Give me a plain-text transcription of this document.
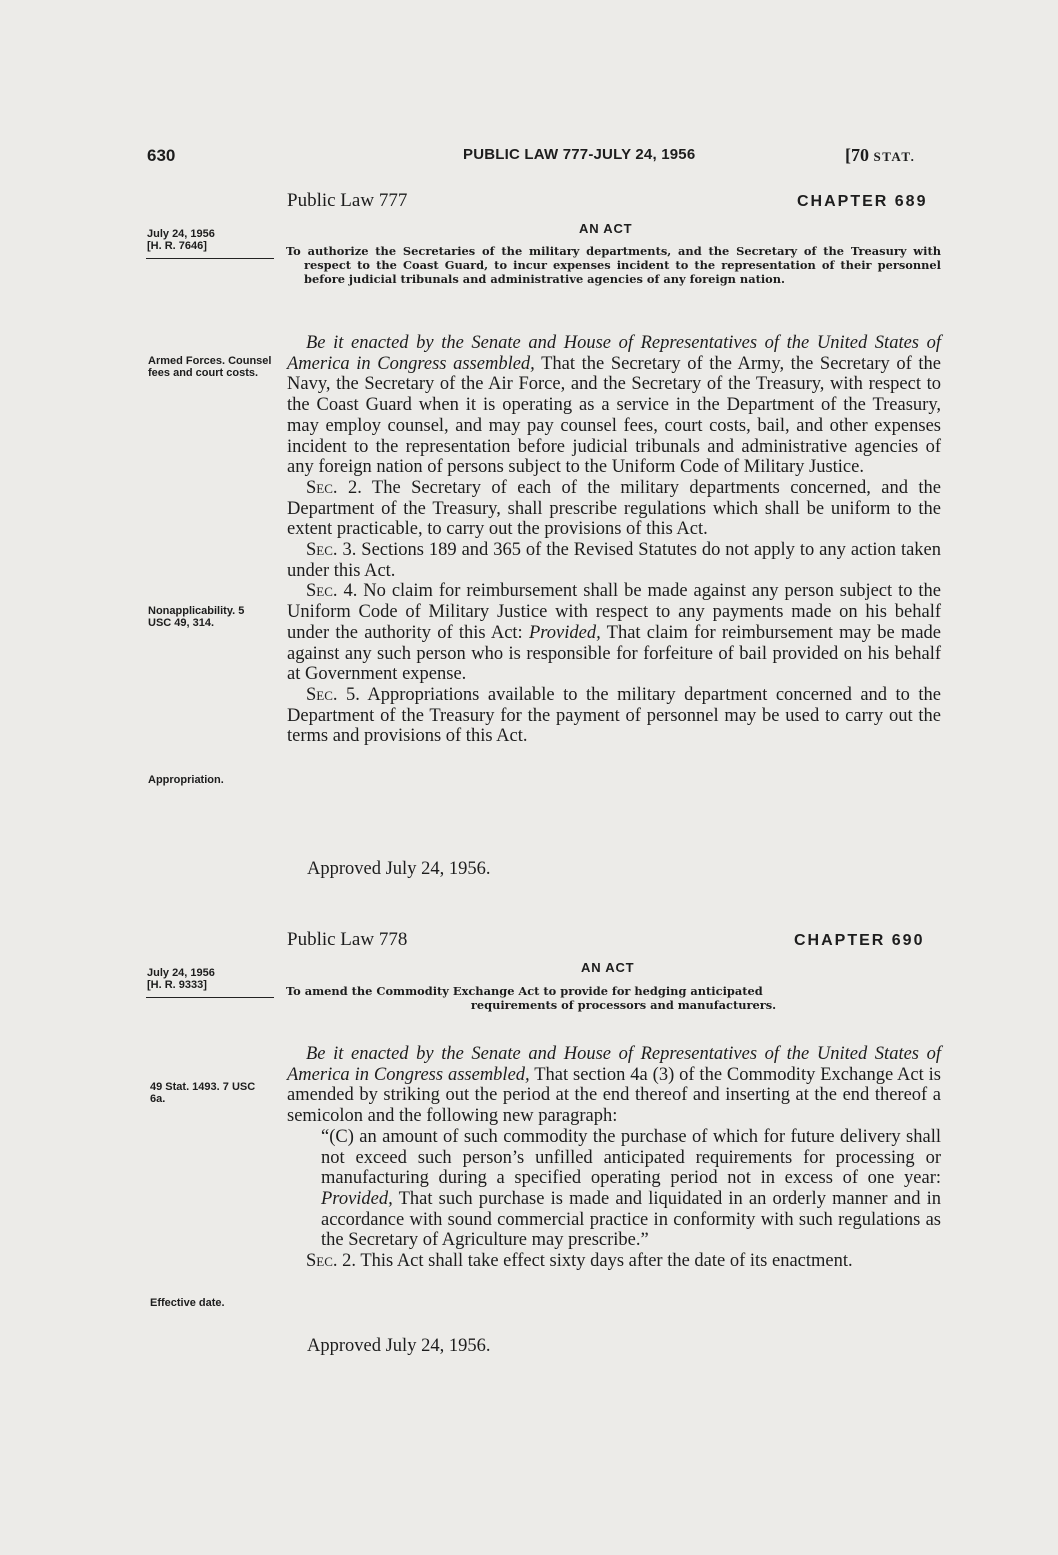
630	PUBLIC LAW 777-JULY 24, 1956	[70 STAT.
Public Law 777	CHAPTER 689
AN ACT
July 24, 1956
[H. R. 7646]	To authorize the Secretaries of the military departments, and the Secretary of the Treasury with respect to the Coast Guard, to incur expenses incident to the representation of their personnel before judicial tribunals and administrative agencies of any foreign nation.
Armed Forces. Counsel fees and court costs.
Nonapplicability. 5 USC 49, 314.
Appropriation.

Be it enacted by the Senate and House of Representatives of the United States of America in Congress assembled, That the Secretary of the Army, the Secretary of the Navy, the Secretary of the Air Force, and the Secretary of the Treasury, with respect to the Coast Guard when it is operating as a service in the Department of the Treasury, may employ counsel, and may pay counsel fees, court costs, bail, and other expenses incident to the representation before judicial tribunals and administrative agencies of any foreign nation of persons subject to the Uniform Code of Military Justice.

Sec. 2. The Secretary of each of the military departments concerned, and the Department of the Treasury, shall prescribe regulations which shall be uniform to the extent practicable, to carry out the provisions of this Act.

Sec. 3. Sections 189 and 365 of the Revised Statutes do not apply to any action taken under this Act.

Sec. 4. No claim for reimbursement shall be made against any person subject to the Uniform Code of Military Justice with respect to any payments made on his behalf under the authority of this Act: Provided, That claim for reimbursement may be made against any such person who is responsible for forfeiture of bail provided on his behalf at Government expense.

Sec. 5. Appropriations available to the military department concerned and to the Department of the Treasury for the payment of personnel may be used to carry out the terms and provisions of this Act.

Approved July 24, 1956.
Public Law 778	CHAPTER 690
AN ACT
July 24, 1956
[H. R. 9333]	To amend the Commodity Exchange Act to provide for hedging anticipated
requirements of processors and manufacturers.
49 Stat. 1493. 7 USC 6a.
Effective date.

Be it enacted by the Senate and House of Representatives of the United States of America in Congress assembled, That section 4a (3) of the Commodity Exchange Act is amended by striking out the period at the end thereof and inserting at the end thereof a semicolon and the following new paragraph:

“(C) an amount of such commodity the purchase of which for future delivery shall not exceed such person’s unfilled anticipated requirements for processing or manufacturing during a specified operating period not in excess of one year: Provided, That such purchase is made and liquidated in an orderly manner and in accordance with sound commercial practice in conformity with such regulations as the Secretary of Agriculture may prescribe.”

Sec. 2. This Act shall take effect sixty days after the date of its enactment.

Approved July 24, 1956.
